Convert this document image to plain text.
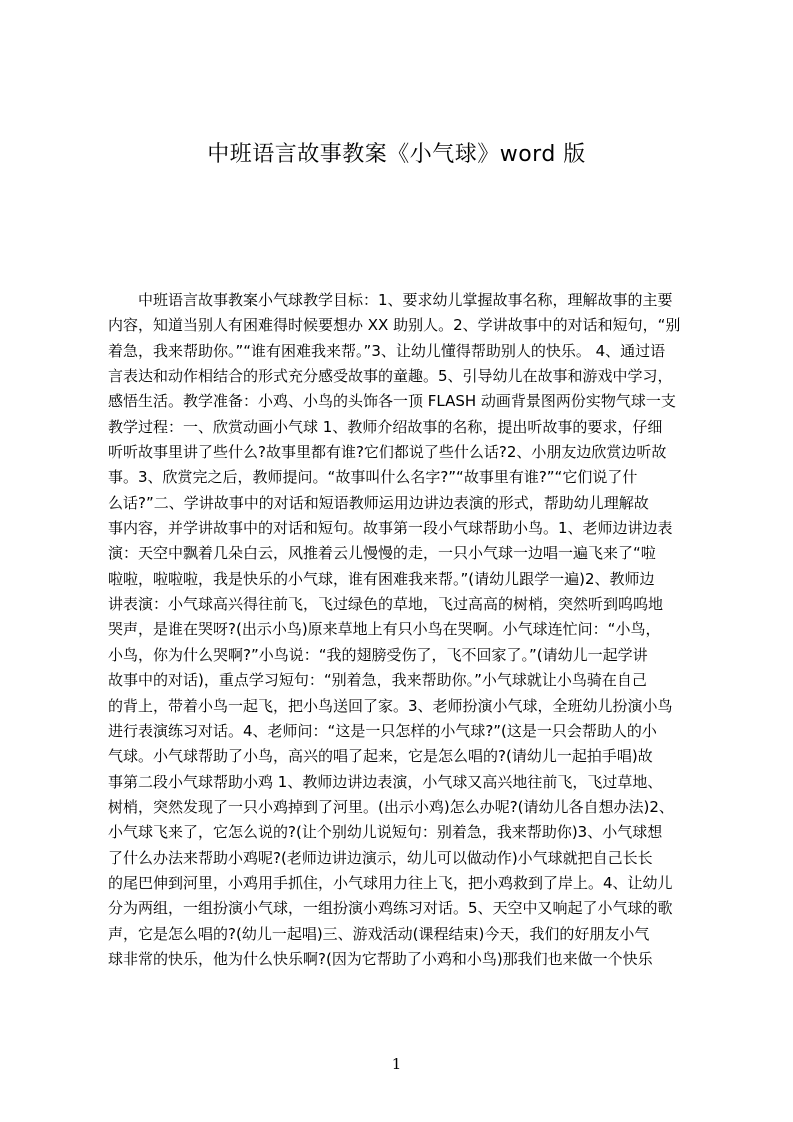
中班语言故事教案《小气球》word 版
中班语言故事教案小气球教学目标：1、要求幼儿掌握故事名称，理解故事的主要
内容，知道当别人有困难得时候要想办 XX 助别人。2、学讲故事中的对话和短句，“别
着急，我来帮助你。”“谁有困难我来帮。”3、让幼儿懂得帮助别人的快乐。 4、通过语
言表达和动作相结合的形式充分感受故事的童趣。5、引导幼儿在故事和游戏中学习，
感悟生活。教学准备：小鸡、小鸟的头饰各一顶 FLASH 动画背景图两份实物气球一支
教学过程：一、欣赏动画小气球 1、教师介绍故事的名称，提出听故事的要求，仔细
听听故事里讲了些什么?故事里都有谁?它们都说了些什么话?2、小朋友边欣赏边听故
事。3、欣赏完之后，教师提问。“故事叫什么名字?”“故事里有谁?”“它们说了什
么话?”二、学讲故事中的对话和短语教师运用边讲边表演的形式，帮助幼儿理解故
事内容，并学讲故事中的对话和短句。故事第一段小气球帮助小鸟。1、老师边讲边表
演：天空中飘着几朵白云，风推着云儿慢慢的走，一只小气球一边唱一遍飞来了“啦
啦啦，啦啦啦，我是快乐的小气球，谁有困难我来帮。”(请幼儿跟学一遍)2、教师边
讲表演：小气球高兴得往前飞，飞过绿色的草地，飞过高高的树梢，突然听到呜呜地
哭声，是谁在哭呀?(出示小鸟)原来草地上有只小鸟在哭啊。小气球连忙问：“小鸟，
小鸟，你为什么哭啊?”小鸟说：“我的翅膀受伤了，飞不回家了。”(请幼儿一起学讲
故事中的对话)，重点学习短句：“别着急，我来帮助你。”小气球就让小鸟骑在自己
的背上，带着小鸟一起飞，把小鸟送回了家。3、老师扮演小气球，全班幼儿扮演小鸟
进行表演练习对话。4、老师问：“这是一只怎样的小气球?”(这是一只会帮助人的小
气球。小气球帮助了小鸟，高兴的唱了起来，它是怎么唱的?(请幼儿一起拍手唱)故
事第二段小气球帮助小鸡 1、教师边讲边表演，小气球又高兴地往前飞，飞过草地、
树梢，突然发现了一只小鸡掉到了河里。(出示小鸡)怎么办呢?(请幼儿各自想办法)2、
小气球飞来了，它怎么说的?(让个别幼儿说短句：别着急，我来帮助你)3、小气球想
了什么办法来帮助小鸡呢?(老师边讲边演示，幼儿可以做动作)小气球就把自己长长
的尾巴伸到河里，小鸡用手抓住，小气球用力往上飞，把小鸡救到了岸上。4、让幼儿
分为两组，一组扮演小气球，一组扮演小鸡练习对话。5、天空中又响起了小气球的歌
声，它是怎么唱的?(幼儿一起唱)三、游戏活动(课程结束)今天，我们的好朋友小气
球非常的快乐，他为什么快乐啊?(因为它帮助了小鸡和小鸟)那我们也来做一个快乐
1
